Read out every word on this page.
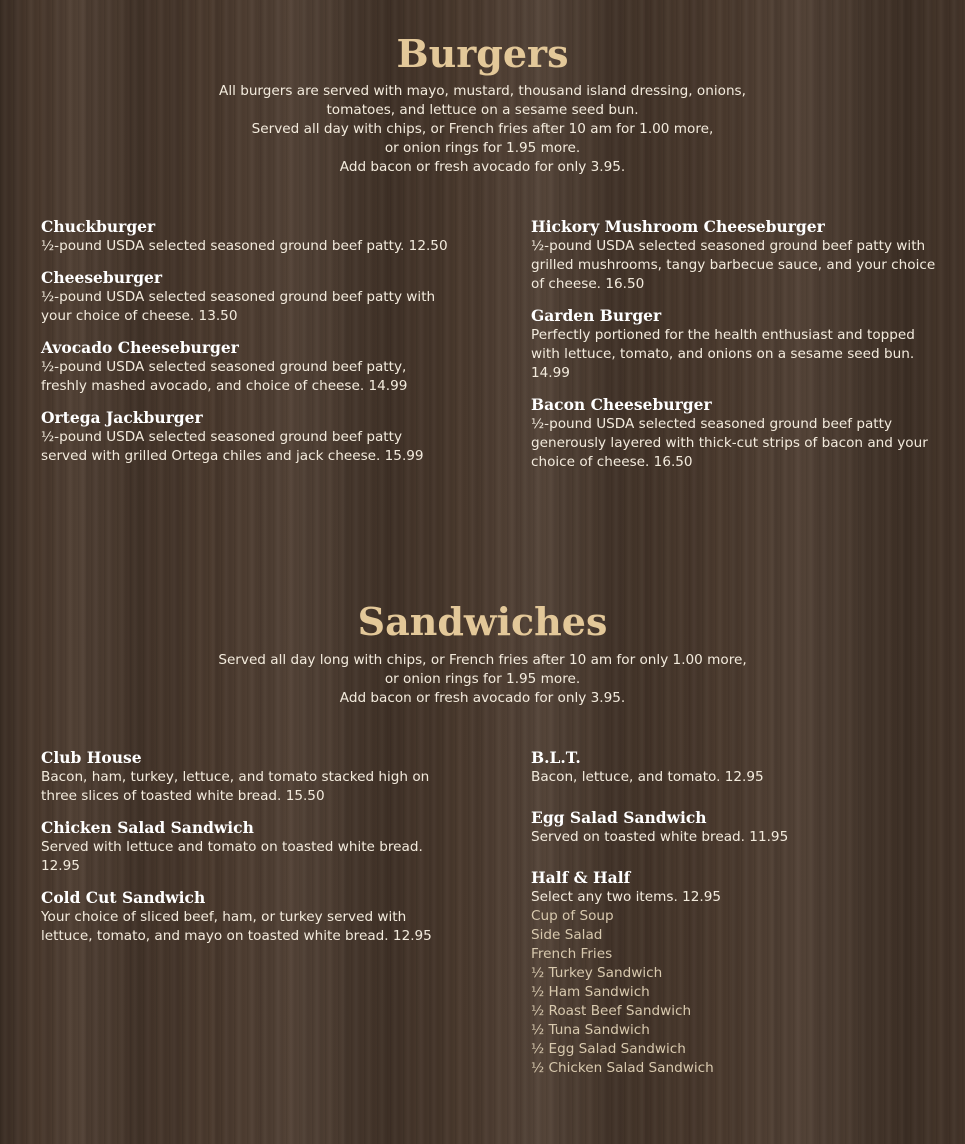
Burgers
All burgers are served with mayo, mustard, thousand island dressing, onions,
tomatoes, and lettuce on a sesame seed bun.
Served all day with chips, or French fries after 10 am for 1.00 more,
or onion rings for 1.95 more.
Add bacon or fresh avocado for only 3.95.
Chuckburger
½-pound USDA selected seasoned ground beef patty. 12.50
Cheeseburger
½-pound USDA selected seasoned ground beef patty with your choice of cheese. 13.50
Avocado Cheeseburger
½-pound USDA selected seasoned ground beef patty, freshly mashed avocado, and choice of cheese. 14.99
Ortega Jackburger
½-pound USDA selected seasoned ground beef patty served with grilled Ortega chiles and jack cheese. 15.99
Hickory Mushroom Cheeseburger
½-pound USDA selected seasoned ground beef patty with grilled mushrooms, tangy barbecue sauce, and your choice of cheese. 16.50
Garden Burger
Perfectly portioned for the health enthusiast and topped with lettuce, tomato, and onions on a sesame seed bun. 14.99
Bacon Cheeseburger
½-pound USDA selected seasoned ground beef patty generously layered with thick-cut strips of bacon and your choice of cheese. 16.50
Sandwiches
Served all day long with chips, or French fries after 10 am for only 1.00 more,
or onion rings for 1.95 more.
Add bacon or fresh avocado for only 3.95.
Club House
Bacon, ham, turkey, lettuce, and tomato stacked high on three slices of toasted white bread. 15.50
Chicken Salad Sandwich
Served with lettuce and tomato on toasted white bread. 12.95
Cold Cut Sandwich
Your choice of sliced beef, ham, or turkey served with lettuce, tomato, and mayo on toasted white bread. 12.95
B.L.T.
Bacon, lettuce, and tomato. 12.95
Egg Salad Sandwich
Served on toasted white bread. 11.95
Half & Half
Select any two items. 12.95
Cup of Soup
Side Salad
French Fries
½ Turkey Sandwich
½ Ham Sandwich
½ Roast Beef Sandwich
½ Tuna Sandwich
½ Egg Salad Sandwich
½ Chicken Salad Sandwich
